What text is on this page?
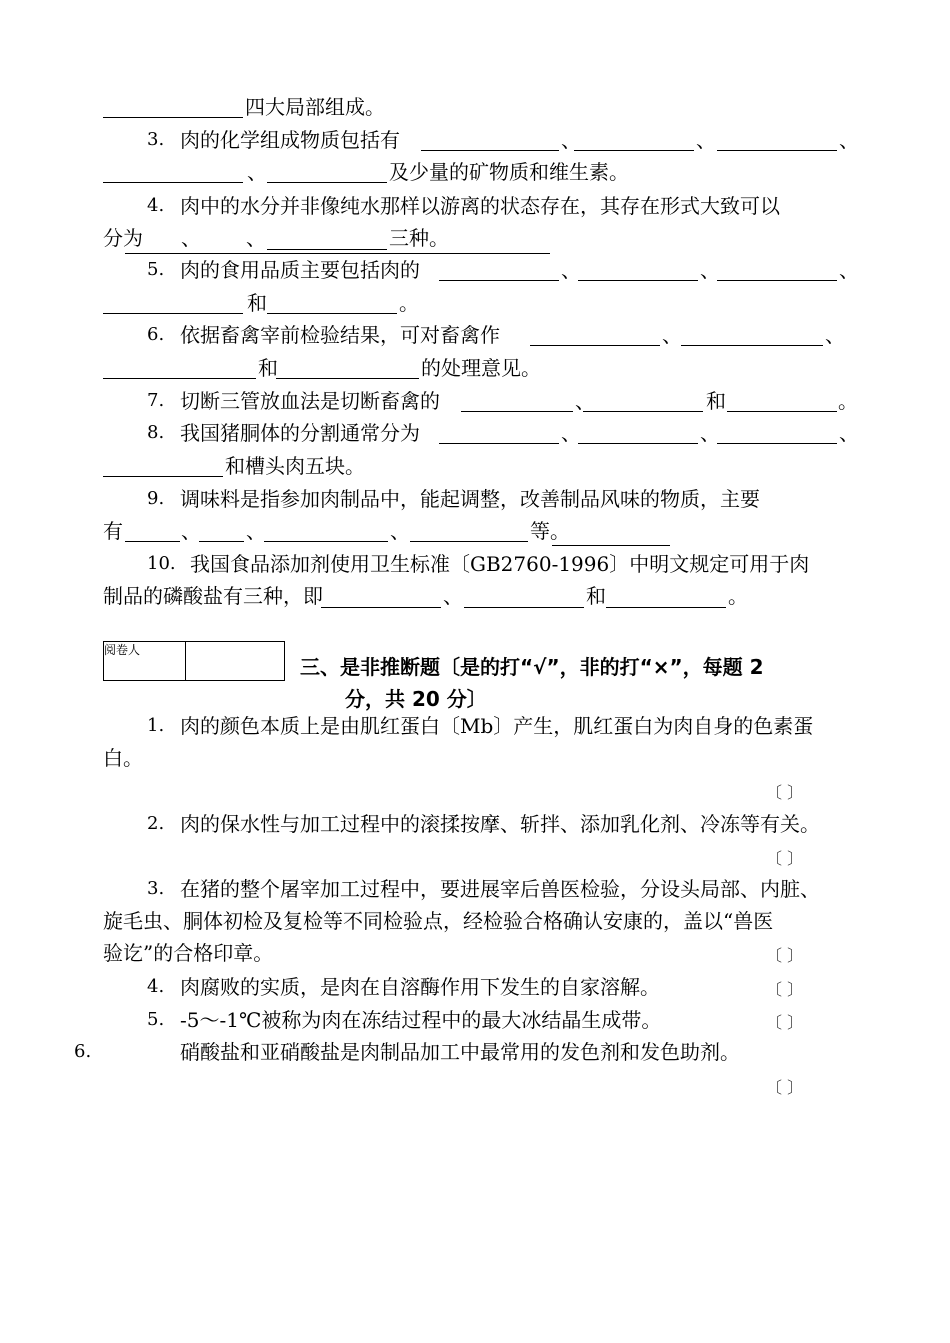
四大局部组成。
3. 肉的化学组成物质包括有	、	、	、
、	及少量的矿物质和维生素。
4. 肉中的水分并非像纯水那样以游离的状态存在，其存在形式大致可以
分为 、 、	三种。
5. 肉的食用品质主要包括肉的	、	、	、
和	。
6. 依据畜禽宰前检验结果，可对畜禽作	、	、
和	的处理意见。
7. 切断三管放血法是切断畜禽的	、	和	。
8. 我国猪胴体的分割通常分为	、	、	、
和槽头肉五块。
9. 调味料是指参加肉制品中，能起调整，改善制品风味的物质，主要
有	、 、	、	等。
10. 我国食品添加剂使用卫生标准〔GB2760-1996〕中明文规定可用于肉
制品的磷酸盐有三种，即	、	和	。
阅卷人
三、是非推断题〔是的打“√”，非的打“×”，每题 2
分，共 20 分〕
1. 肉的颜色本质上是由肌红蛋白〔Mb〕产生，肌红蛋白为肉自身的色素蛋
白。
〔 〕
2. 肉的保水性与加工过程中的滚揉按摩、斩拌、添加乳化剂、冷冻等有关。
〔 〕
3. 在猪的整个屠宰加工过程中，要进展宰后兽医检验，分设头局部、内脏、
旋毛虫、胴体初检及复检等不同检验点，经检验合格确认安康的，盖以“兽医
验讫”的合格印章。	〔 〕
4. 肉腐败的实质，是肉在自溶酶作用下发生的自家溶解。	〔 〕
5. -5～-1℃被称为肉在冻结过程中的最大冰结晶生成带。	〔 〕
6.	硝酸盐和亚硝酸盐是肉制品加工中最常用的发色剂和发色助剂。
〔 〕
